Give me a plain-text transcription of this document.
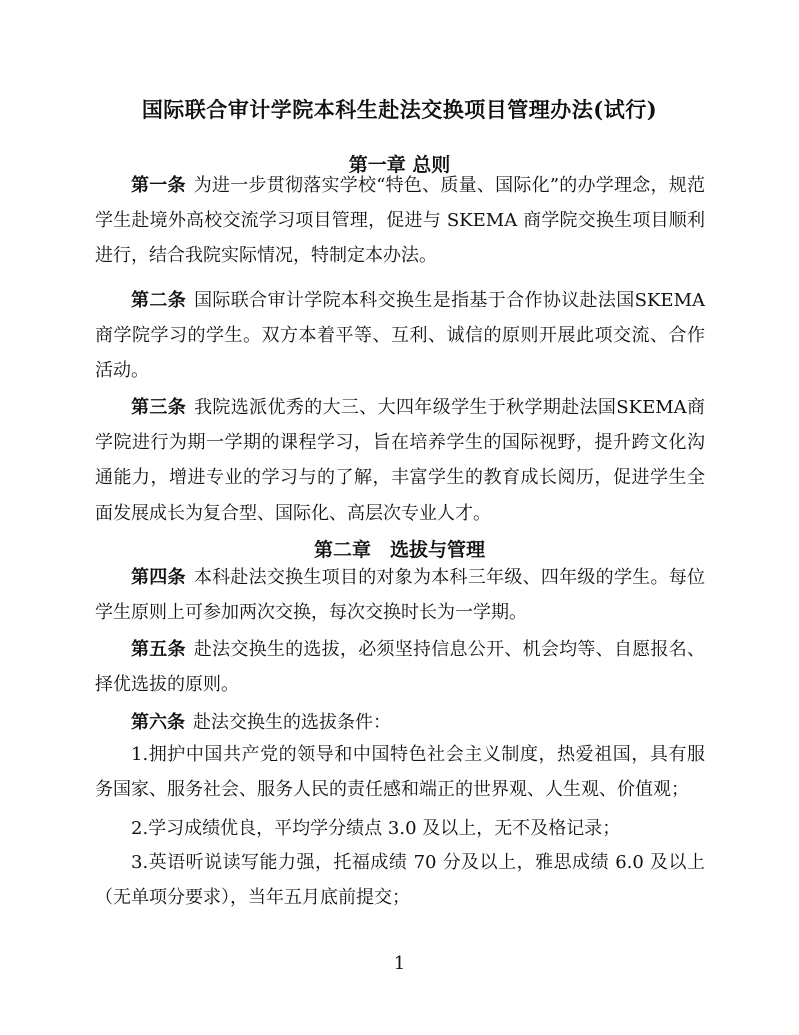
国际联合审计学院本科生赴法交换项目管理办法(试行)
第一章 总则

第一条 为进一步贯彻落实学校“特色、质量、国际化”的办学理念，规范学生赴境外高校交流学习项目管理，促进与 SKEMA 商学院交换生项目顺利进行，结合我院实际情况，特制定本办法。

第二条 国际联合审计学院本科交换生是指基于合作协议赴法国SKEMA商学院学习的学生。双方本着平等、互利、诚信的原则开展此项交流、合作活动。

第三条 我院选派优秀的大三、大四年级学生于秋学期赴法国SKEMA商学院进行为期一学期的课程学习，旨在培养学生的国际视野，提升跨文化沟通能力，增进专业的学习与的了解，丰富学生的教育成长阅历，促进学生全面发展成长为复合型、国际化、高层次专业人才。

第二章　选拔与管理

第四条 本科赴法交换生项目的对象为本科三年级、四年级的学生。每位学生原则上可参加两次交换，每次交换时长为一学期。

第五条 赴法交换生的选拔，必须坚持信息公开、机会均等、自愿报名、择优选拔的原则。

第六条 赴法交换生的选拔条件：

1.拥护中国共产党的领导和中国特色社会主义制度，热爱祖国，具有服务国家、服务社会、服务人民的责任感和端正的世界观、人生观、价值观；

2.学习成绩优良，平均学分绩点 3.0 及以上，无不及格记录；

3.英语听说读写能力强，托福成绩 70 分及以上，雅思成绩 6.0 及以上（无单项分要求），当年五月底前提交；

1
